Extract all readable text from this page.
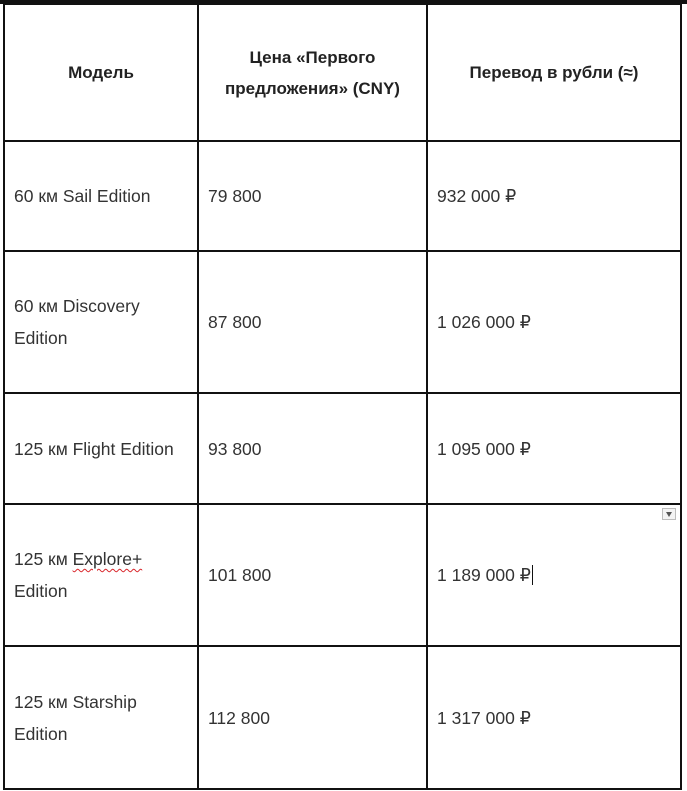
Модель	Цена «Первого предложения» (CNY)	Перевод в рубли (≈)
60 км Sail Edition	79 800	932 000 ₽
60 км Discovery Edition	87 800	1 026 000 ₽
125 км Flight Edition	93 800	1 095 000 ₽
125 км Explore+ Edition	101 800	1 189 000 ₽

125 км Starship Edition	112 800	1 317 000 ₽
